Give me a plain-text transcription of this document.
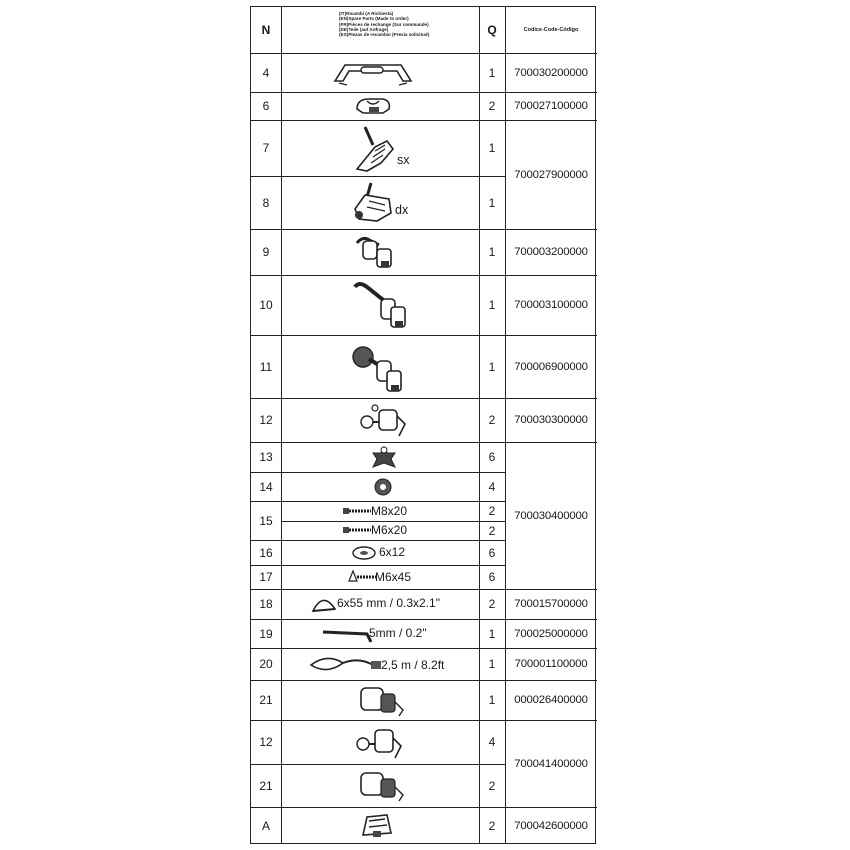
N
(IT)Ricambi (A Richiesta)
(EN)Spare Parts (Made to order)
(FR)Pièces de rechange (Sur commande)
(DE)Teile (auf Anfrage)
(ES)Piezas de recambio (Previa solicitud)	Q	Codice-Code-Código
4
6
7
8
9
10
11
12
13
14
15
16
17
18
19
20
21
12
21
A
1
2
1
1
1
1
1
2
6
4
2
2
6
6
2
1
1
1
4
2
2
700030200000
700027100000
700027900000
700003200000
700003100000
700006900000
700030300000
700030400000
700015700000
700025000000
700001100000
000026400000
700041400000
700042600000
sx
dx
M8x20
M6x20
6x12
M6x45
6x55 mm / 0.3x2.1"
5mm / 0.2"
2,5 m / 8.2ft
